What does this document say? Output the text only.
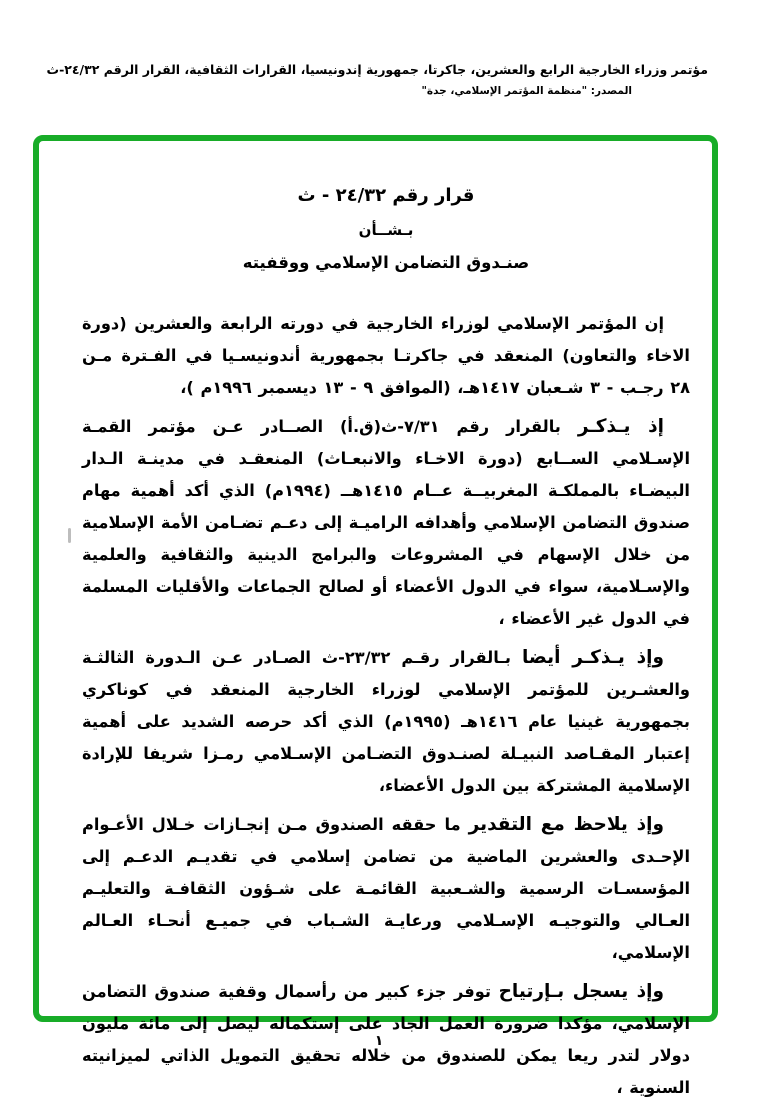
مؤتمر وزراء الخارجية الرابع والعشرين، جاكرتا، جمهورية إندونيسيا، القرارات الثقافية، القرار الرقم ٢٤/٣٢-ث
المصدر: "منظمة المؤتمر الإسلامي، جدة"
قرار رقم ٢٤/٣٢ - ث
بـشــأن
صنـدوق التضامن الإسلامي ووقفيته

إن المؤتمر الإسلامي لوزراء الخارجية في دورته الرابعة والعشرين (دورة الاخاء والتعاون) المنعقد في جاكرتـا بجمهورية أندونيسـيا في الفـترة مـن ٢٨ رجـب - ٣ شـعبان ١٤١٧هـ، (الموافق ٩ - ١٣ ديسمبر ١٩٩٦م )،

إذ يـذكـر بالقرار رقم ٧/٣١-ث(ق.أ) الصــادر عـن مؤتمر القمـة الإسـلامي الســابع (دورة الاخـاء والانبعـاث) المنعقـد في مدينـة الـدار البيضـاء بالمملكـة المغربيــة عــام ١٤١٥هــ (١٩٩٤م) الذي أكد أهمية مهام صندوق التضامن الإسلامي وأهدافه الراميـة إلى دعـم تضـامن الأمة الإسلامية من خلال الإسهام في المشروعات والبرامج الدينية والثقافية والعلمية والإسـلامية، سواء في الدول الأعضاء أو لصالح الجماعات والأقليات المسلمة في الدول غير الأعضاء ،

وإذ يـذكـر أيضا بـالقرار رقـم ٢٣/٣٢-ث الصـادر عـن الـدورة الثالثـة والعشـرين للمؤتمر الإسلامي لوزراء الخارجية المنعقد في كوناكري بجمهورية غينيا عام ١٤١٦هـ (١٩٩٥م) الذي أكد حرصه الشديد على أهمية إعتبار المقـاصد النبيـلة لصنـدوق التضـامن الإسـلامي رمـزا شريفا للإرادة الإسلامية المشتركة بين الدول الأعضاء،

وإذ يلاحظ مع التقدير ما حققه الصندوق مـن إنجـازات خـلال الأعـوام الإحـدى والعشرين الماضية من تضامن إسلامي في تقديـم الدعـم إلى المؤسسـات الرسمية والشـعبية القائمـة على شـؤون الثقافـة والتعليـم العـالي والتوجيـه الإسـلامي ورعايـة الشـباب في جميـع أنحـاء العـالم الإسلامي،

وإذ يسجل بـإرتياح توفر جزء كبير من رأسمال وقفية صندوق التضامن الإسلامي، مؤكدا ضرورة العمل الجاد على إستكماله ليصل إلى مائة مليون دولار لتدر ريعا يمكن للصندوق من خلاله تحقيق التمويل الذاتي لميزانيته السنوية ،

١
